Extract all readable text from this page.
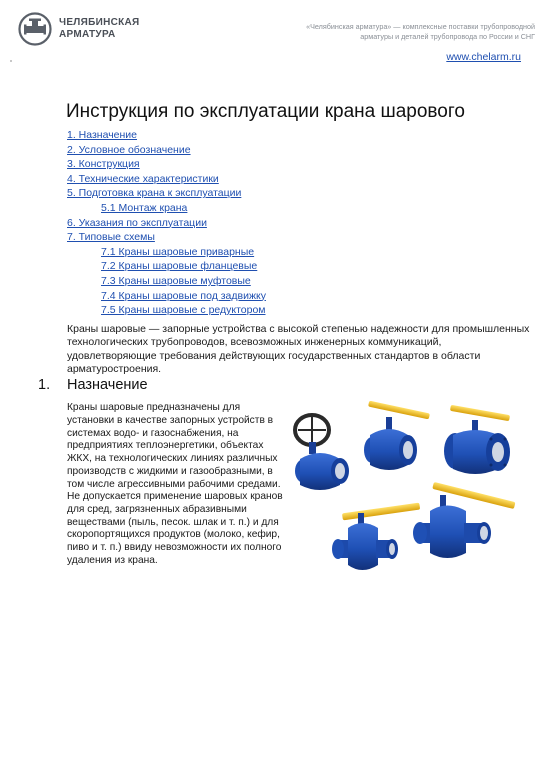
ЧЕЛЯБИНСКАЯ
АРМАТУРА
«Челябинская арматура» — комплексные поставки трубопроводной арматуры и деталей трубопровода по России и СНГ
www.chelarm.ru
Инструкция по эксплуатации крана шарового
1. Назначение
2. Условное обозначение
3. Конструкция
4. Технические характеристики
5. Подготовка крана к эксплуатации
5.1 Монтаж крана
6. Указания по эксплуатации
7. Типовые схемы
7.1 Краны шаровые приварные
7.2 Краны шаровые фланцевые
7.3 Краны шаровые муфтовые
7.4 Краны шаровые под задвижку
7.5 Краны шаровые с редуктором

Краны шаровые — запорные устройства с высокой степенью надежности для промышленных технологических трубопроводов, всевозможных инженерных коммуникаций, удовлетворяющие требования действующих государственных стандартов в области арматуростроения.

1. Назначение

Краны шаровые предназначены для установки в качестве запорных устройств в системах водо- и газоснабжения, на предприятиях теплоэнергетики, объектах ЖКХ, на технологических линиях различных производств с жидкими и газообразными, в том числе агрессивными рабочими средами.

Не допускается применение шаровых кранов для сред, загрязненных абразивными веществами (пыль, песок. шлак и т. п.) и для скоропортящихся продуктов (молоко, кефир, пиво и т. п.) ввиду невозможности их полного удаления из крана.
